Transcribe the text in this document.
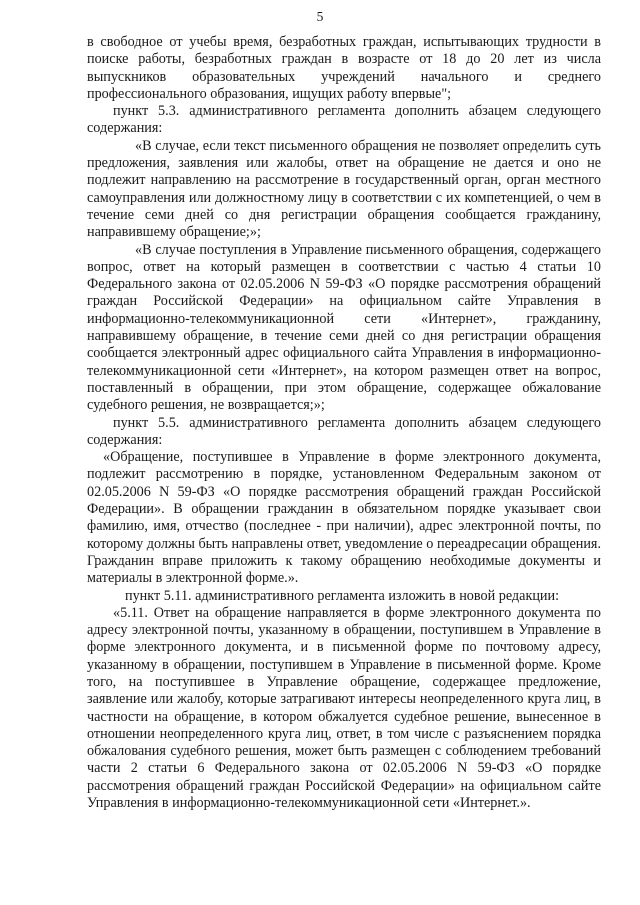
5

в свободное от учебы время, безработных граждан, испытывающих трудности в поиске работы, безработных граждан в возрасте от 18 до 20 лет из числа выпускников образовательных учреждений начального и среднего профессионального образования, ищущих работу впервые";

пункт 5.3. административного регламента дополнить абзацем следующего содержания:

«В случае, если текст письменного обращения не позволяет определить суть предложения, заявления или жалобы, ответ на обращение не дается и оно не подлежит направлению на рассмотрение в государственный орган, орган местного самоуправления или должностному лицу в соответствии с их компетенцией, о чем в течение семи дней со дня регистрации обращения сообщается гражданину, направившему обращение;»;

«В случае поступления в Управление письменного обращения, содержащего вопрос, ответ на который размещен в соответствии с частью 4 статьи 10 Федерального закона от 02.05.2006 N 59-ФЗ «О порядке рассмотрения обращений граждан Российской Федерации» на официальном сайте Управления в информационно-телекоммуникационной сети «Интернет», гражданину, направившему обращение, в течение семи дней со дня регистрации обращения сообщается электронный адрес официального сайта Управления в информационно-телекоммуникационной сети «Интернет», на котором размещен ответ на вопрос, поставленный в обращении, при этом обращение, содержащее обжалование судебного решения, не возвращается;»;

пункт 5.5. административного регламента дополнить абзацем следующего содержания:

«Обращение, поступившее в Управление в форме электронного документа, подлежит рассмотрению в порядке, установленном Федеральным законом от 02.05.2006 N 59-ФЗ «О порядке рассмотрения обращений граждан Российской Федерации». В обращении гражданин в обязательном порядке указывает свои фамилию, имя, отчество (последнее - при наличии), адрес электронной почты, по которому должны быть направлены ответ, уведомление о переадресации обращения. Гражданин вправе приложить к такому обращению необходимые документы и материалы в электронной форме.».

пункт 5.11. административного регламента изложить в новой редакции:

«5.11. Ответ на обращение направляется в форме электронного документа по адресу электронной почты, указанному в обращении, поступившем в Управление в форме электронного документа, и в письменной форме по почтовому адресу, указанному в обращении, поступившем в Управление в письменной форме. Кроме того, на поступившее в Управление обращение, содержащее предложение, заявление или жалобу, которые затрагивают интересы неопределенного круга лиц, в частности на обращение, в котором обжалуется судебное решение, вынесенное в отношении неопределенного круга лиц, ответ, в том числе с разъяснением порядка обжалования судебного решения, может быть размещен с соблюдением требований части 2 статьи 6 Федерального закона от 02.05.2006 N 59-ФЗ «О порядке рассмотрения обращений граждан Российской Федерации» на официальном сайте Управления в информационно-телекоммуникационной сети «Интернет.».
